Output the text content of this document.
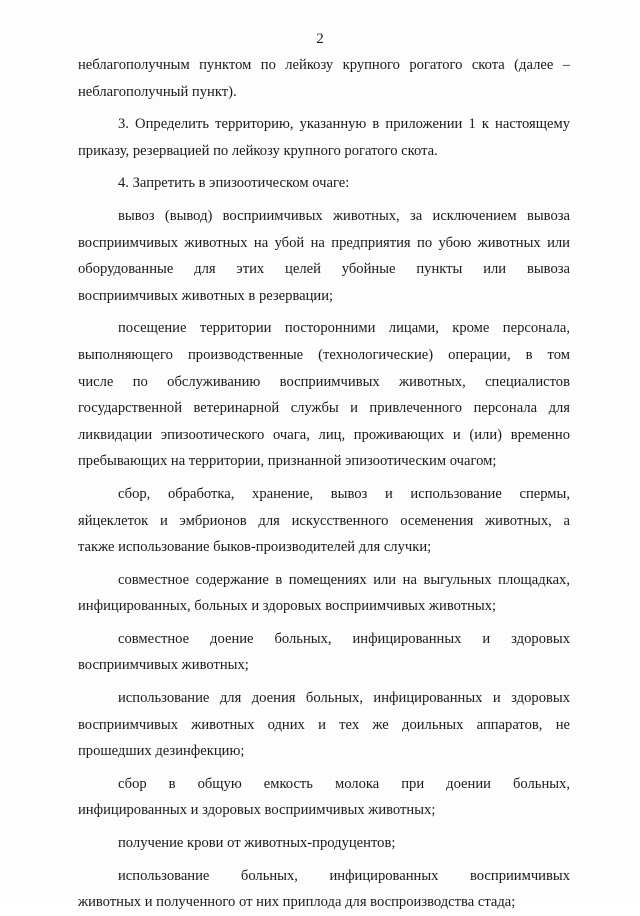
2
неблагополучным пунктом по лейкозу крупного рогатого скота (далее –
неблагополучный пункт).
3. Определить территорию, указанную в приложении 1 к настоящему
приказу, резервацией по лейкозу крупного рогатого скота.
4. Запретить в эпизоотическом очаге:
вывоз (вывод) восприимчивых животных, за исключением вывоза
восприимчивых животных на убой на предприятия по убою животных или
оборудованные для этих целей убойные пункты или вывоза
восприимчивых животных в резервации;
посещение территории посторонними лицами, кроме персонала,
выполняющего производственные (технологические) операции, в том
числе по обслуживанию восприимчивых животных, специалистов
государственной ветеринарной службы и привлеченного персонала для
ликвидации эпизоотического очага, лиц, проживающих и (или) временно
пребывающих на территории, признанной эпизоотическим очагом;
сбор, обработка, хранение, вывоз и использование спермы,
яйцеклеток и эмбрионов для искусственного осеменения животных, а
также использование быков-производителей для случки;
совместное содержание в помещениях или на выгульных площадках,
инфицированных, больных и здоровых восприимчивых животных;
совместное доение больных, инфицированных и здоровых
восприимчивых животных;
использование для доения больных, инфицированных и здоровых
восприимчивых животных одних и тех же доильных аппаратов, не
прошедших дезинфекцию;
сбор в общую емкость молока при доении больных,
инфицированных и здоровых восприимчивых животных;
получение крови от животных-продуцентов;
использование больных, инфицированных восприимчивых
животных и полученного от них приплода для воспроизводства стада;
